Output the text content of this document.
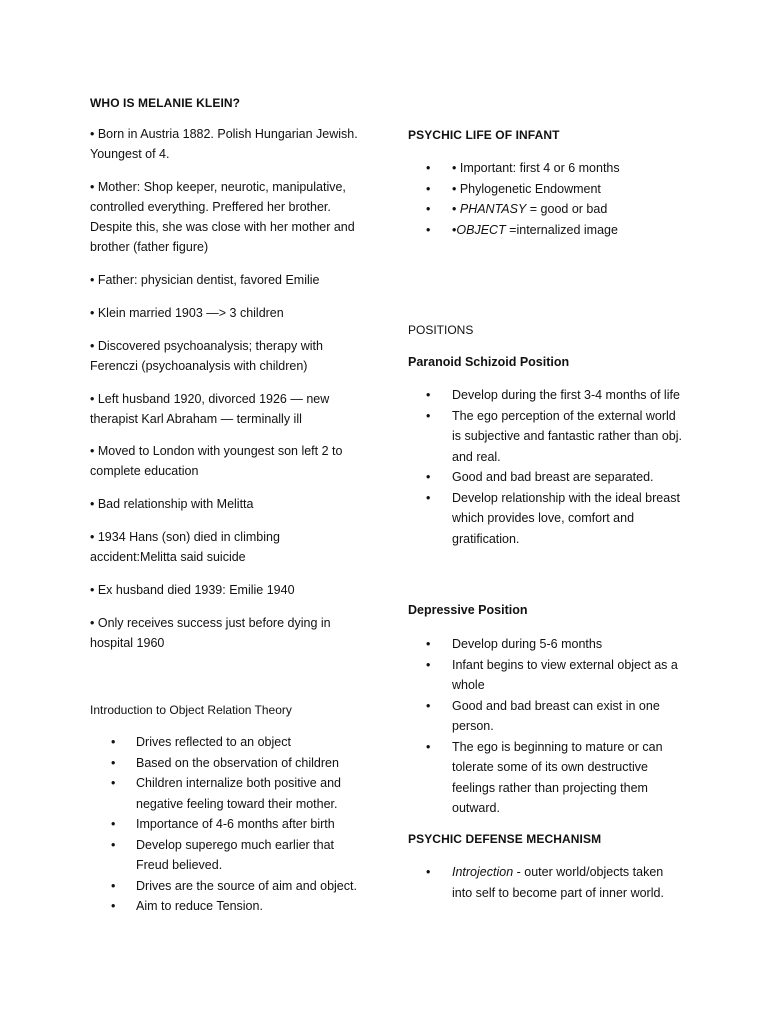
WHO IS MELANIE KLEIN?
• Born in Austria 1882. Polish Hungarian Jewish. Youngest of 4.
• Mother: Shop keeper, neurotic, manipulative, controlled everything. Preffered her brother. Despite this, she was close with her mother and brother (father figure)
• Father: physician dentist, favored Emilie
• Klein married 1903 —> 3 children
• Discovered psychoanalysis; therapy with Ferenczi (psychoanalysis with children)
• Left husband 1920, divorced 1926 — new therapist Karl Abraham — terminally ill
• Moved to London with youngest son left 2 to complete education
• Bad relationship with Melitta
• 1934 Hans (son) died in climbing accident:Melitta said suicide
• Ex husband died 1939: Emilie 1940
• Only receives success just before dying in hospital 1960
Introduction to Object Relation Theory
• Drives reflected to an object
• Based on the observation of children
• Children internalize both positive and negative feeling toward their mother.
• Importance of 4-6 months after birth
• Develop superego much earlier that Freud believed.
• Drives are the source of aim and object.
• Aim to reduce Tension.
PSYCHIC LIFE OF INFANT
• • Important: first 4 or 6 months
• • Phylogenetic Endowment
• • PHANTASY = good or bad
• •OBJECT =internalized image
POSITIONS
Paranoid Schizoid Position
• Develop during the first 3-4 months of life
• The ego perception of the external world is subjective and fantastic rather than obj. and real.
• Good and bad breast are separated.
• Develop relationship with the ideal breast which provides love, comfort and gratification.
Depressive Position
• Develop during 5-6 months
• Infant begins to view external object as a whole
• Good and bad breast can exist in one person.
• The ego is beginning to mature or can tolerate some of its own destructive feelings rather than projecting them outward.
PSYCHIC DEFENSE MECHANISM
• Introjection - outer world/objects taken into self to become part of inner world.
